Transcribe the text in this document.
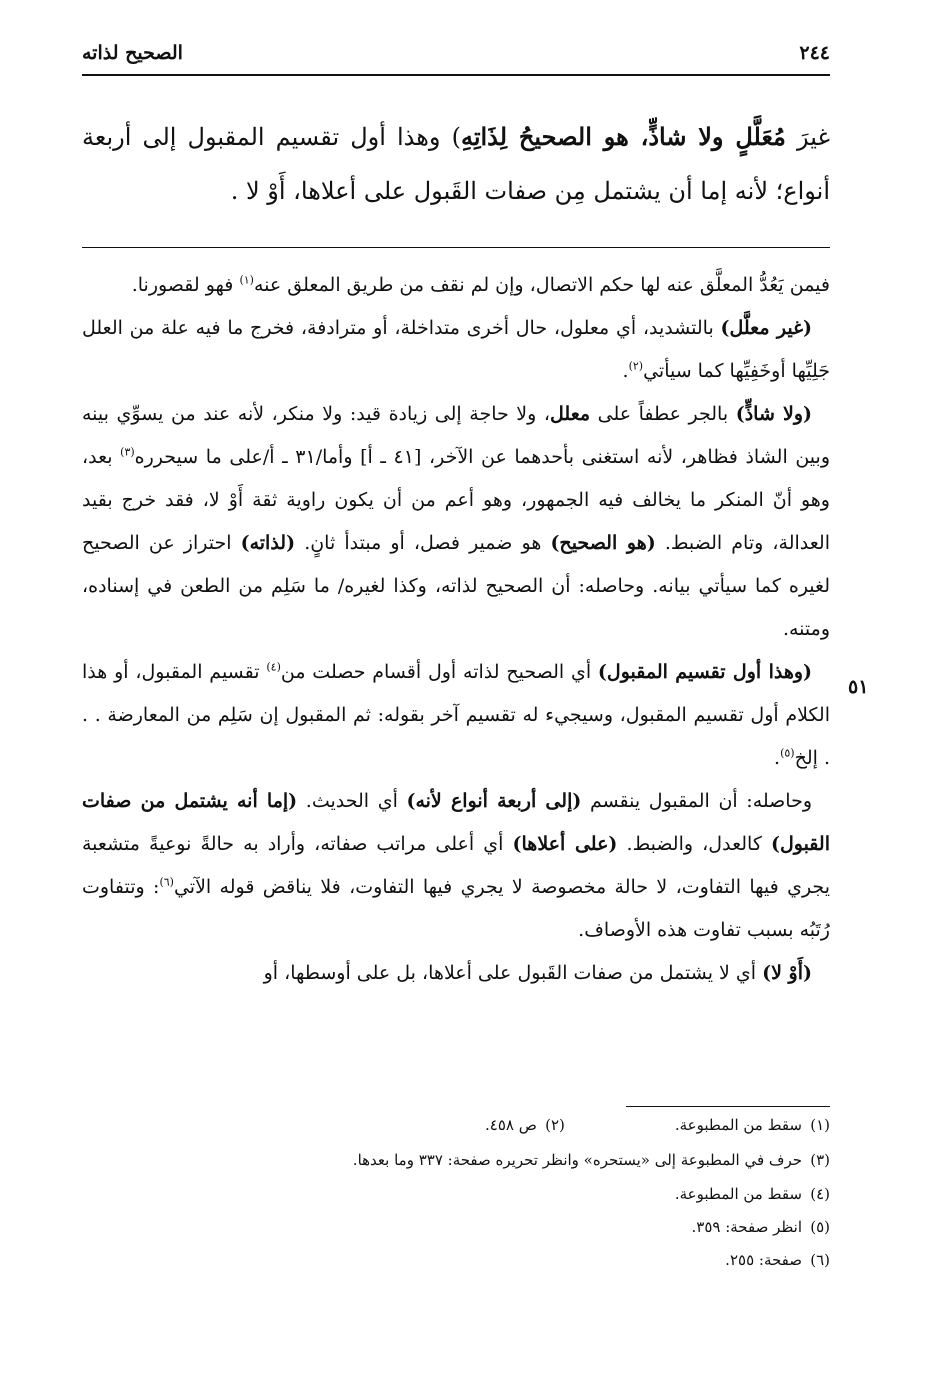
٢٤٤
الصحيح لذاته
غيرَ مُعَلَّلٍ ولا شاذٍّ، هو الصحيحُ لِذَاتِهِ) وهذا أول تقسيم المقبول إلى أربعة أنواع؛ لأنه إما أن يشتمل مِن صفات القَبول على أعلاها، أَوْ لا .

فيمن يَعُدُّ المعلَّق عنه لها حكم الاتصال، وإن لم نقف من طريق المعلق عنه$^{(١)}$ فهو لقصورنا.

(غير معلَّل) بالتشديد، أي معلول، حال أخرى متداخلة، أو مترادفة، فخرج ما فيه علة من العلل جَلِيِّها أوخَفِيِّها كما سيأتي$^{(٢)}$.

(ولا شاذٍّ) بالجر عطفاً على معلل، ولا حاجة إلى زيادة قيد: ولا منكر، لأنه عند من يسوِّي بينه وبين الشاذ فظاهر، لأنه استغنى بأحدهما عن الآخر، [٤١ ـ أ] وأما/٣١ ـ أ/على ما سيحرره$^{(٣)}$ بعد، وهو أنّ المنكر ما يخالف فيه الجمهور، وهو أعم من أن يكون راوية ثقة أَوْ لا، فقد خرج بقيد العدالة، وتام الضبط. (هو الصحيح) هو ضمير فصل، أو مبتدأ ثانٍ. (لذاته) احتراز عن الصحيح لغيره كما سيأتي بيانه. وحاصله: أن الصحيح لذاته، وكذا لغيره/ ما سَلِم من الطعن في إسناده، ومتنه.

(وهذا أول تقسيم المقبول) أي الصحيح لذاته أول أقسام حصلت من$^{(٤)}$ تقسيم المقبول، أو هذا الكلام أول تقسيم المقبول، وسيجيء له تقسيم آخر بقوله: ثم المقبول إن سَلِم من المعارضة . . . إلخ$^{(٥)}$.

وحاصله: أن المقبول ينقسم (إلى أربعة أنواع لأنه) أي الحديث. (إما أنه يشتمل من صفات القبول) كالعدل، والضبط. (على أعلاها) أي أعلى مراتب صفاته، وأراد به حالةً نوعيةً متشعبة يجري فيها التفاوت، لا حالة مخصوصة لا يجري فيها التفاوت، فلا يناقض قوله الآتي$^{(٦)}$: وتتفاوت رُتَبُه بسبب تفاوت هذه الأوصاف.

(أَوْ لا) أي لا يشتمل من صفات القَبول على أعلاها، بل على أوسطها، أو

٥١
(١)سقط من المطبوعة.(٢)ص ٤٥٨.
(٣)حرف في المطبوعة إلى «يستحره» وانظر تحريره صفحة: ٣٣٧ وما بعدها.
(٤)سقط من المطبوعة.
(٥)انظر صفحة: ٣٥٩.
(٦)صفحة: ٢٥٥.
